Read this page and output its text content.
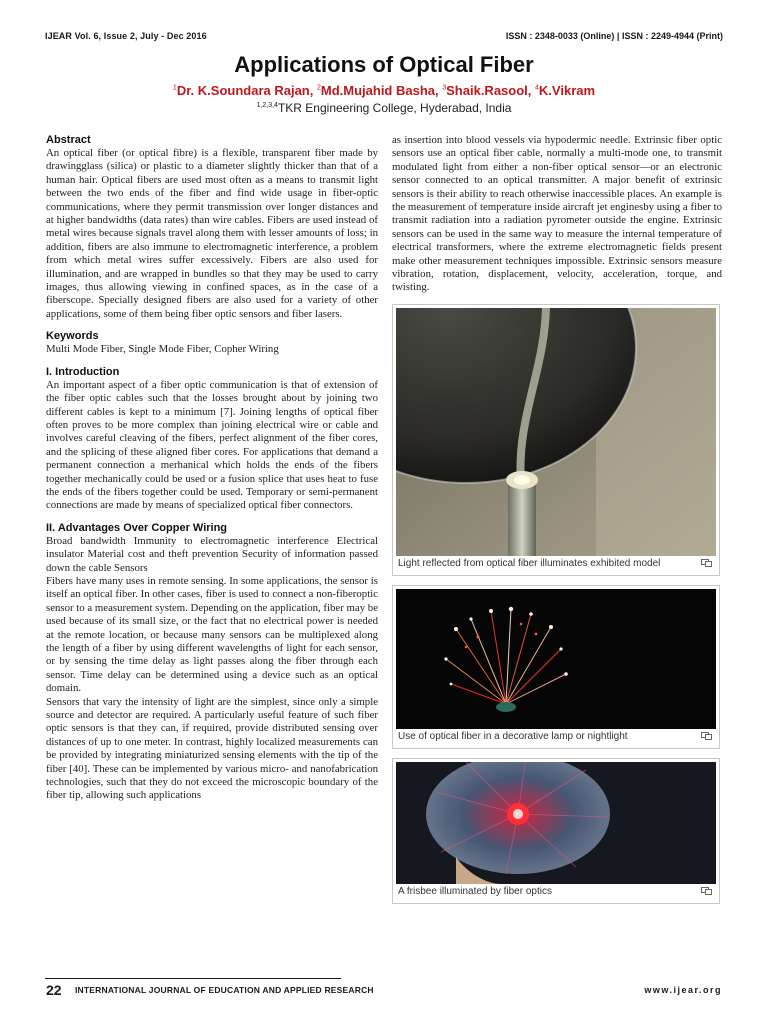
IJEAR Vol. 6, Issue 2, July - Dec 2016	ISSN : 2348-0033 (Online) | ISSN : 2249-4944 (Print)
Applications of Optical Fiber
$^1$Dr. K.Soundara Rajan, $^2$Md.Mujahid Basha, $^3$Shaik.Rasool, $^4$K.Vikram
$^{1,2,3,4}$TKR Engineering College, Hyderabad, India
Abstract

An optical fiber (or optical fibre) is a flexible, transparent fiber made by drawingglass (silica) or plastic to a diameter slightly thicker than that of a human hair. Optical fibers are used most often as a means to transmit light between the two ends of the fiber and find wide usage in fiber-optic communications, where they permit transmission over longer distances and at higher bandwidths (data rates) than wire cables. Fibers are used instead of metal wires because signals travel along them with lesser amounts of loss; in addition, fibers are also immune to electromagnetic interference, a problem from which metal wires suffer excessively. Fibers are also used for illumination, and are wrapped in bundles so that they may be used to carry images, thus allowing viewing in confined spaces, as in the case of a fiberscope. Specially designed fibers are also used for a variety of other applications, some of them being fiber optic sensors and fiber lasers.

Keywords

Multi Mode Fiber, Single Mode Fiber, Copher Wiring

I. Introduction

An important aspect of a fiber optic communication is that of extension of the fiber optic cables such that the losses brought about by joining two different cables is kept to a minimum [7]. Joining lengths of optical fiber often proves to be more complex than joining electrical wire or cable and involves careful cleaving of the fibers, perfect alignment of the fiber cores, and the splicing of these aligned fiber cores. For applications that demand a permanent connection a merhanical which holds the ends of the fibers together mechanically could be used or a fusion splice that uses heat to fuse the ends of the fibers together could be used. Temporary or semi-permanent connections are made by means of specialized optical fiber connectors.

II. Advantages Over Copper Wiring

Broad bandwidth Immunity to electromagnetic interference Electrical insulator Material cost and theft prevention Security of information passed down the cable Sensors

Fibers have many uses in remote sensing. In some applications, the sensor is itself an optical fiber. In other cases, fiber is used to connect a non-fiberoptic sensor to a measurement system. Depending on the application, fiber may be used because of its small size, or the fact that no electrical power is needed at the remote location, or because many sensors can be multiplexed along the length of a fiber by using different wavelengths of light for each sensor, or by sensing the time delay as light passes along the fiber through each sensor. Time delay can be determined using a device such as an optical domain.

Sensors that vary the intensity of light are the simplest, since only a simple source and detector are required. A particularly useful feature of such fiber optic sensors is that they can, if required, provide distributed sensing over distances of up to one meter. In contrast, highly localized measurements can be provided by integrating miniaturized sensing elements with the tip of the fiber [40]. These can be implemented by various micro- and nanofabrication technologies, such that they do not exceed the microscopic boundary of the fiber tip, allowing such applications

as insertion into blood vessels via hypodermic needle. Extrinsic fiber optic sensors use an optical fiber cable, normally a multi-mode one, to transmit modulated light from either a non-fiber optical sensor—or an electronic sensor connected to an optical transmitter. A major benefit of extrinsic sensors is their ability to reach otherwise inaccessible places. An example is the measurement of temperature inside aircraft jet enginesby using a fiber to transmit radiation into a radiation pyrometer outside the engine. Extrinsic sensors can be used in the same way to measure the internal temperature of electrical transformers, where the extreme electromagnetic fields present make other measurement techniques impossible. Extrinsic sensors measure vibration, rotation, displacement, velocity, acceleration, torque, and twisting.

Light reflected from optical fiber illuminates exhibited model
Use of optical fiber in a decorative lamp or nightlight
A frisbee illuminated by fiber optics
22 INTERNATIONAL JOURNAL OF EDUCATION AND APPLIED RESEARCH	www.ijear.org
